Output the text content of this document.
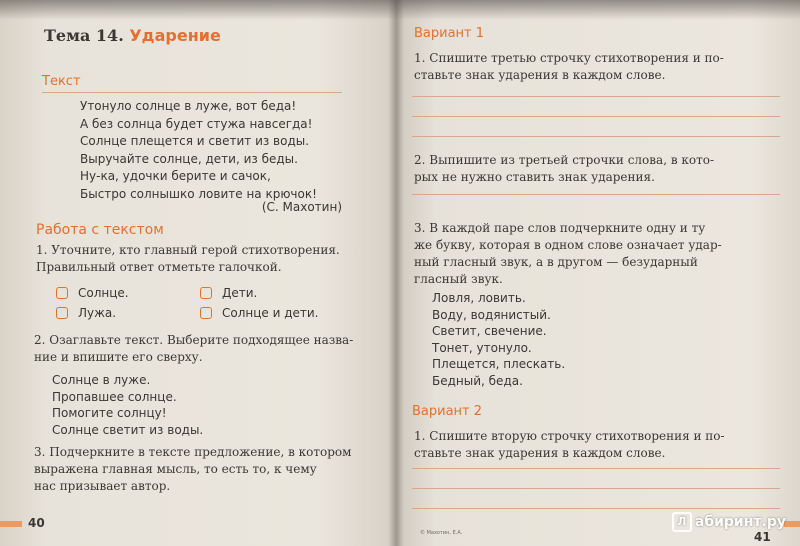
Тема 14. Ударение
Текст
Утонуло солнце в луже, вот беда!
А без солнца будет стужа навсегда!
Солнце плещется и светит из воды.
Выручайте солнце, дети, из беды.
Ну-ка, удочки берите и сачок,
Быстро солнышко ловите на крючок!
(С. Махотин)
Работа с текстом
1. Уточните, кто главный герой стихотворения.
Правильный ответ отметьте галочкой.
Солнце.	Дети.
Лужа.	Солнце и дети.
2. Озаглавьте текст. Выберите подходящее назва-
ние и впишите его сверху.
Солнце в луже.
Пропавшее солнце.
Помогите солнцу!
Солнце светит из воды.
3. Подчеркните в тексте предложение, в котором
выражена главная мысль, то есть то, к чему
нас призывает автор.
40
Вариант 1
1. Спишите третью строчку стихотворения и по-
ставьте знак ударения в каждом слове.
2. Выпишите из третьей строчки слова, в кото-
рых не нужно ставить знак ударения.
3. В каждой паре слов подчеркните одну и ту
же букву, которая в одном слове означает удар-
ный гласный звук, а в другом — безударный
гласный звук.
Ловля, ловить.
Воду, водянистый.
Светит, свечение.
Тонет, утонуло.
Плещется, плескать.
Бедный, беда.
Вариант 2
1. Спишите вторую строчку стихотворения и по-
ставьте знак ударения в каждом слове.
© Махотин, Е.А.	41
Л абиринт.ру
